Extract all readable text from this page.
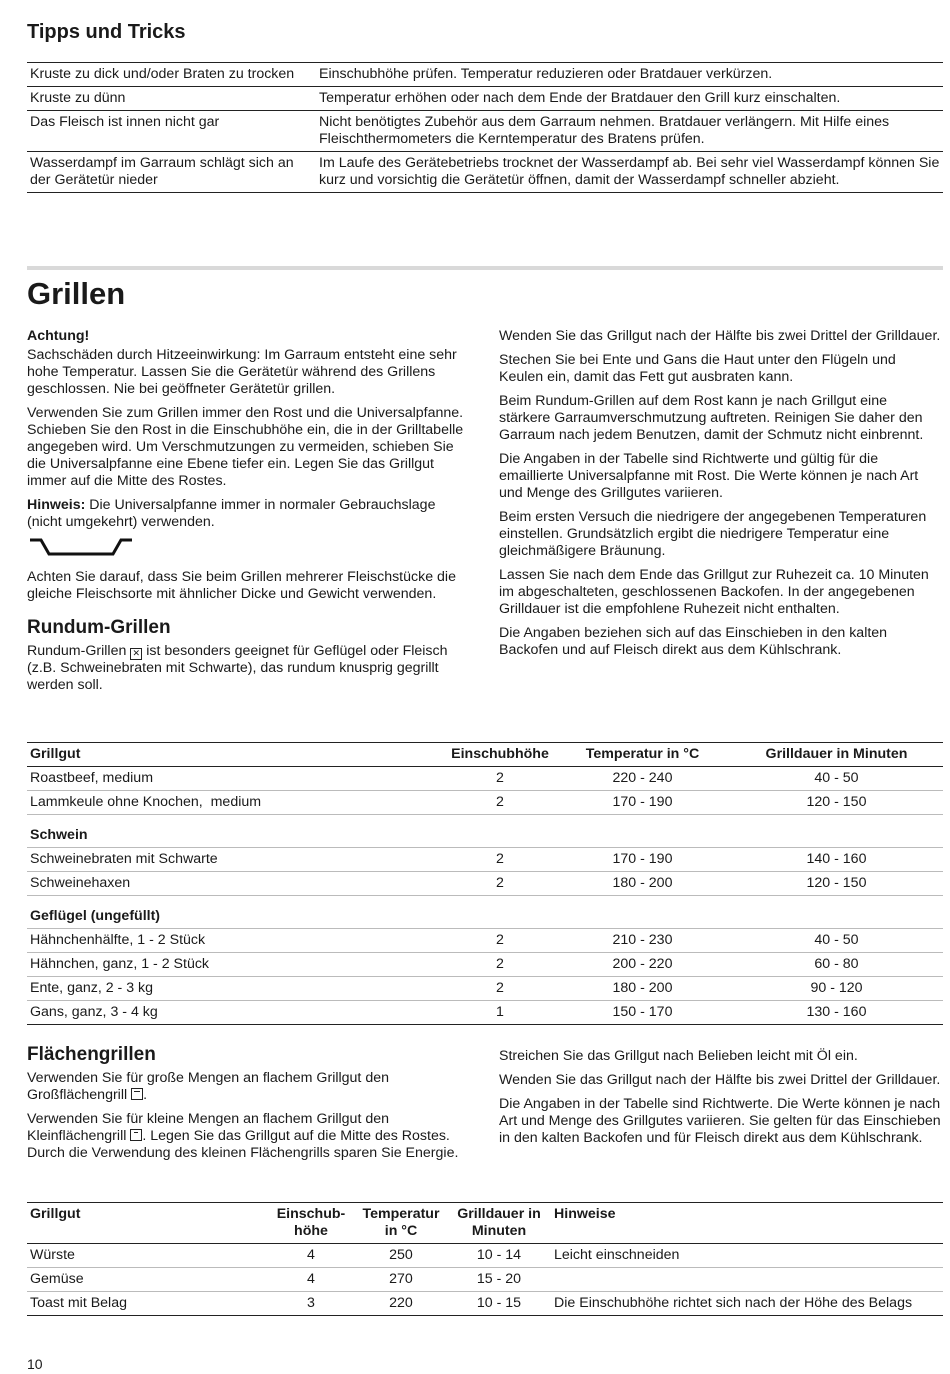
Tipps und Tricks
Kruste zu dick und/oder Braten zu trocken	Einschubhöhe prüfen. Temperatur reduzieren oder Bratdauer verkürzen.
Kruste zu dünn	Temperatur erhöhen oder nach dem Ende der Bratdauer den Grill kurz einschalten.
Das Fleisch ist innen nicht gar	Nicht benötigtes Zubehör aus dem Garraum nehmen. Bratdauer verlängern. Mit Hilfe eines Fleischthermometers die Kerntemperatur des Bratens prüfen.
Wasserdampf im Garraum schlägt sich an der Gerätetür nieder	Im Laufe des Gerätebetriebs trocknet der Wasserdampf ab. Bei sehr viel Wasserdampf können Sie kurz und vorsichtig die Gerätetür öffnen, damit der Wasserdampf schneller abzieht.
Grillen

Achtung!

Sachschäden durch Hitzeeinwirkung: Im Garraum entsteht eine sehr hohe Temperatur. Lassen Sie die Gerätetür während des Grillens geschlossen. Nie bei geöffneter Gerätetür grillen.

Verwenden Sie zum Grillen immer den Rost und die Universalpfanne. Schieben Sie den Rost in die Einschubhöhe ein, die in der Grilltabelle angegeben wird. Um Verschmutzungen zu vermeiden, schieben Sie die Universalpfanne eine Ebene tiefer ein. Legen Sie das Grillgut immer auf die Mitte des Rostes.

Hinweis: Die Universalpfanne immer in normaler Gebrauchslage (nicht umgekehrt) verwenden.

Achten Sie darauf, dass Sie beim Grillen mehrerer Fleischstücke die gleiche Fleischsorte mit ähnlicher Dicke und Gewicht verwenden.

Rundum-Grillen

Rundum-Grillen ✕ ist besonders geeignet für Geflügel oder Fleisch (z.B. Schweinebraten mit Schwarte), das rundum knusprig gegrillt werden soll.

Wenden Sie das Grillgut nach der Hälfte bis zwei Drittel der Grilldauer.

Stechen Sie bei Ente und Gans die Haut unter den Flügeln und Keulen ein, damit das Fett gut ausbraten kann.

Beim Rundum-Grillen auf dem Rost kann je nach Grillgut eine stärkere Garraumverschmutzung auftreten. Reinigen Sie daher den Garraum nach jedem Benutzen, damit der Schmutz nicht einbrennt.

Die Angaben in der Tabelle sind Richtwerte und gültig für die emaillierte Universalpfanne mit Rost. Die Werte können je nach Art und Menge des Grillgutes variieren.

Beim ersten Versuch die niedrigere der angegebenen Temperaturen einstellen. Grundsätzlich ergibt die niedrigere Temperatur eine gleichmäßigere Bräunung.

Lassen Sie nach dem Ende das Grillgut zur Ruhezeit ca. 10 Minuten im abgeschalteten, geschlossenen Backofen. In der angegebenen Grilldauer ist die empfohlene Ruhezeit nicht enthalten.

Die Angaben beziehen sich auf das Einschieben in den kalten Backofen und auf Fleisch direkt aus dem Kühlschrank.

Grillgut	Einschubhöhe	Temperatur in °C	Grilldauer in Minuten
Roastbeef, medium	2	220 - 240	40 - 50
Lammkeule ohne Knochen,  medium	2	170 - 190	120 - 150
Schwein			
Schweinebraten mit Schwarte	2	170 - 190	140 - 160
Schweinehaxen	2	180 - 200	120 - 150
Geflügel (ungefüllt)			
Hähnchenhälfte, 1 - 2 Stück	2	210 - 230	40 - 50
Hähnchen, ganz, 1 - 2 Stück	2	200 - 220	60 - 80
Ente, ganz, 2 - 3 kg	2	180 - 200	90 - 120
Gans, ganz, 3 - 4 kg	1	150 - 170	130 - 160
Flächengrillen

Verwenden Sie für große Mengen an flachem Grillgut den Großflächengrill .

Verwenden Sie für kleine Mengen an flachem Grillgut den Kleinflächengrill . Legen Sie das Grillgut auf die Mitte des Rostes. Durch die Verwendung des kleinen Flächengrills sparen Sie Energie.

Streichen Sie das Grillgut nach Belieben leicht mit Öl ein.

Wenden Sie das Grillgut nach der Hälfte bis zwei Drittel der Grilldauer.

Die Angaben in der Tabelle sind Richtwerte. Die Werte können je nach Art und Menge des Grillgutes variieren. Sie gelten für das Einschieben in den kalten Backofen und für Fleisch direkt aus dem Kühlschrank.

Grillgut	Einschub-höhe	Temperatur in °C	Grilldauer in Minuten	Hinweise
Würste	4	250	10 - 14	Leicht einschneiden
Gemüse	4	270	15 - 20	
Toast mit Belag	3	220	10 - 15	Die Einschubhöhe richtet sich nach der Höhe des Belags
10
